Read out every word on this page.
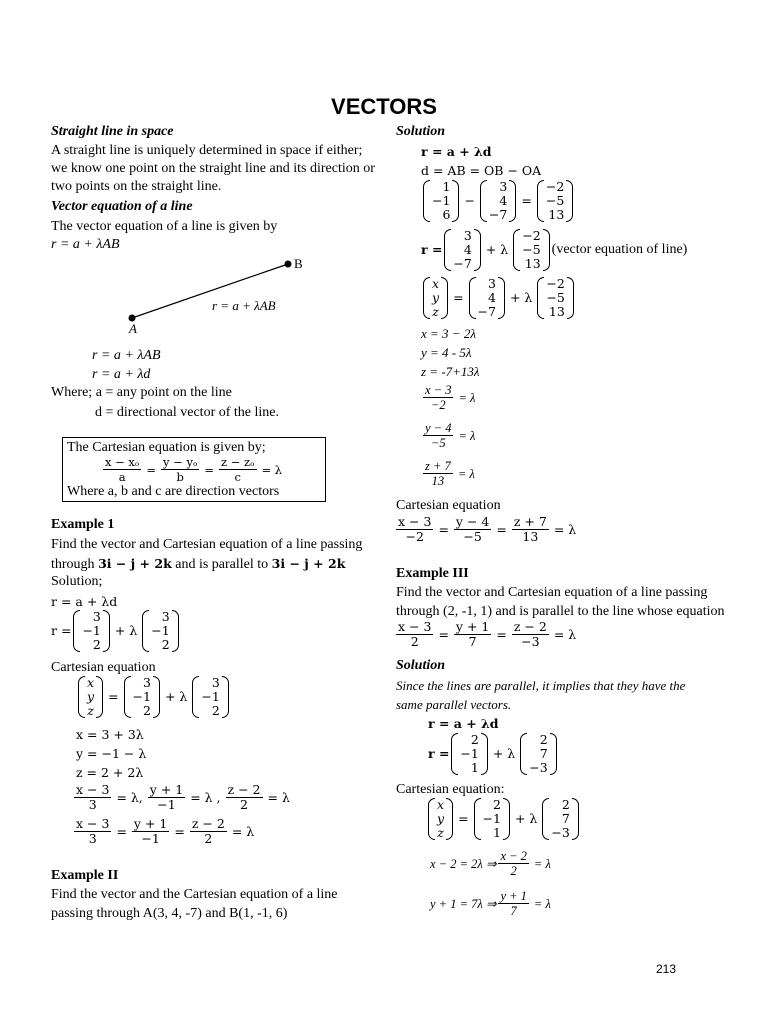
VECTORS
Straight line in space
A straight line is uniquely determined in space if either;
we know one point on the straight line and its direction or
two points on the straight line.
Vector equation of a line
The vector equation of a line is given by
r = a + λAB
B
A
r = a + λAB
r = a + λAB
r = a + λd
Where; a = any point on the line
d = directional vector of the line.
The Cartesian equation is given by;
$\frac{\text{x − xₒ}}{a} = \frac{\text{y − yₒ}}{b} = \frac{\text{z − zₒ}}{c} = \lambda$
Where a, b and c are direction vectors
Example 1
Find the vector and Cartesian equation of a line passing
through 3i − j + 2k and is parallel to 3i − j + 2k
Solution;
r = a + λd
r =
3
−1
2
+ λ
3
−1
2
Cartesian equation
x
y
z
=
3
−1
2
+ λ
3
−1
2
x = 3 + 3λ
y = −1 − λ
z = 2 + 2λ
$\frac{x - 3}{3} = \lambda$, $\frac{y + 1}{-1} = \lambda$ , $\frac{z - 2}{2} = \lambda$
$\frac{x - 3}{3} = \frac{y + 1}{-1} = \frac{z - 2}{2} = \lambda$
Example II
Find the vector and the Cartesian equation of a line
passing through A(3, 4, -7) and B(1, -1, 6)
Solution
r = a + λd
d = AB = OB − OA
1
−1
6
−
3
4
−7
=
−2
−5
13
r =
3
4
−7
+ λ
−2
−5
13
(vector equation of line)
x
y
z
=
3
4
−7
+ λ
−2
−5
13
x = 3 − 2λ
y = 4 - 5λ
z = -7+13λ
$\frac{x - 3}{-2} = \lambda$
$\frac{y - 4}{-5} = \lambda$
$\frac{z + 7}{13} = \lambda$
Cartesian equation
$\frac{x - 3}{-2} = \frac{y - 4}{-5} = \frac{z + 7}{13} = \lambda$
Example III
Find the vector and Cartesian equation of a line passing
through (2, -1, 1) and is parallel to the line whose equation
$\frac{x - 3}{2} = \frac{y + 1}{7} = \frac{z - 2}{-3} = \lambda$
Solution
Since the lines are parallel, it implies that they have the
same parallel vectors.
r = a + λd
r =
2
−1
1
+ λ
2
7
−3
Cartesian equation:
x
y
z
=
2
−1
1
+ λ
2
7
−3
x − 2 = 2λ ⇒ $\frac{x - 2}{2} = \lambda$
y + 1 = 7λ ⇒ $\frac{y + 1}{7} = \lambda$
213
